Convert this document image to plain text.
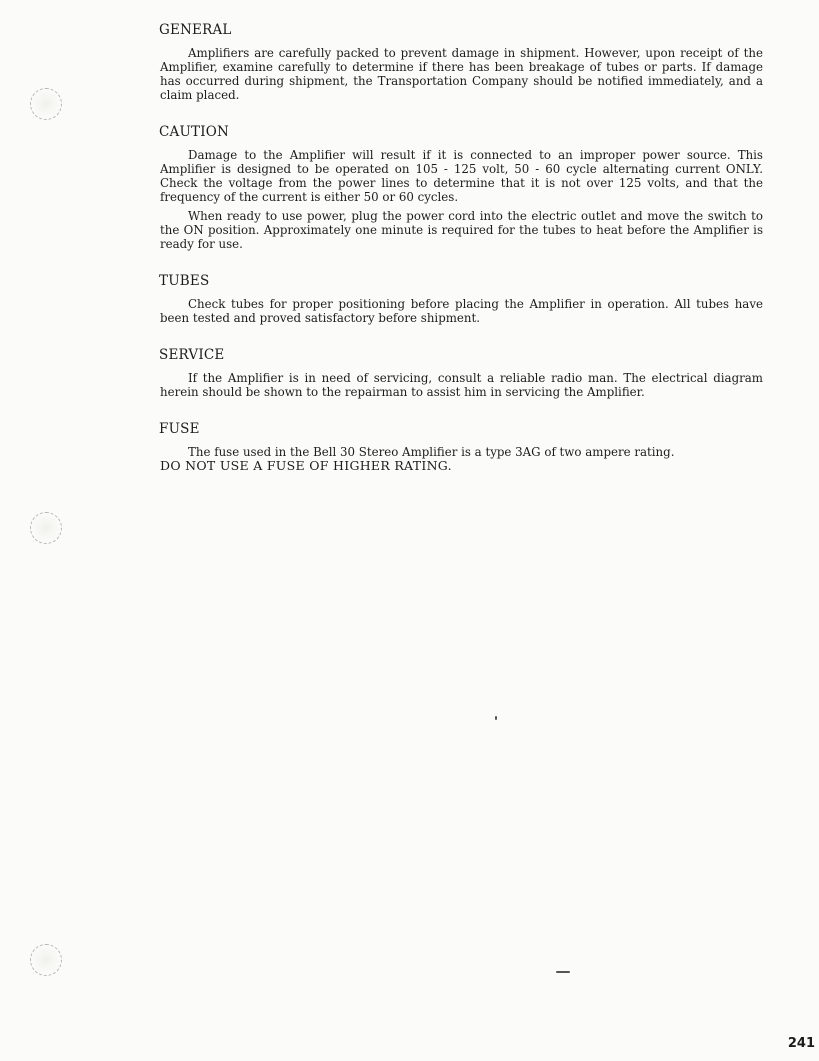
GENERAL

Amplifiers are carefully packed to prevent damage in shipment. However, upon receipt of the Amplifier, examine carefully to determine if there has been breakage of tubes or parts. If damage has occurred during shipment, the Transportation Company should be notified immediately, and a claim placed.

CAUTION

Damage to the Amplifier will result if it is connected to an improper power source. This Amplifier is designed to be operated on 105 - 125 volt, 50 - 60 cycle alternating current ONLY. Check the voltage from the power lines to determine that it is not over 125 volts, and that the frequency of the current is either 50 or 60 cycles.

When ready to use power, plug the power cord into the electric outlet and move the switch to the ON position. Approximately one minute is required for the tubes to heat before the Amplifier is ready for use.

TUBES

Check tubes for proper positioning before placing the Amplifier in operation. All tubes have been tested and proved satisfactory before shipment.

SERVICE

If the Amplifier is in need of servicing, consult a reliable radio man. The electrical diagram herein should be shown to the repairman to assist him in servicing the Amplifier.

FUSE

The fuse used in the Bell 30 Stereo Amplifier is a type 3AG of two ampere rating.

DO NOT USE A FUSE OF HIGHER RATING.

241
